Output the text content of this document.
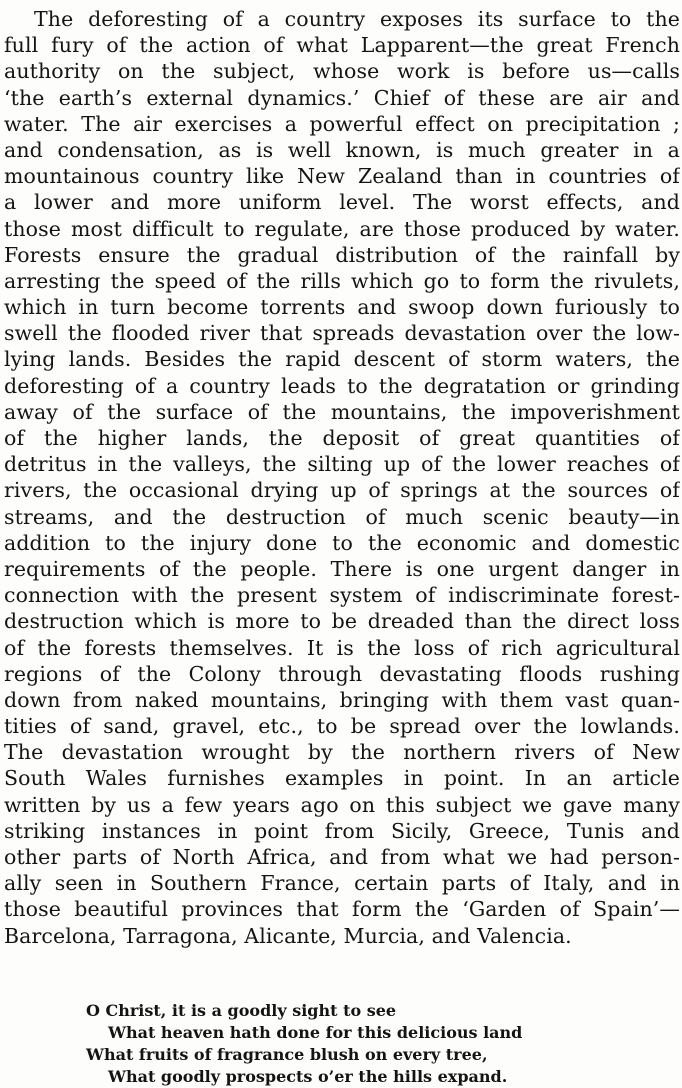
The deforesting of a country exposes its surface to the
full fury of the action of what Lapparent—the great French
authority on the subject, whose work is before us—calls
‘the earth’s external dynamics.’ Chief of these are air and
water. The air exercises a powerful effect on precipitation ;
and condensation, as is well known, is much greater in a
mountainous country like New Zealand than in countries of
a lower and more uniform level. The worst effects, and
those most difficult to regulate, are those produced by water.
Forests ensure the gradual distribution of the rainfall by
arresting the speed of the rills which go to form the rivulets,
which in turn become torrents and swoop down furiously to
swell the flooded river that spreads devastation over the low-
lying lands. Besides the rapid descent of storm waters, the
deforesting of a country leads to the degratation or grinding
away of the surface of the mountains, the impoverishment
of the higher lands, the deposit of great quantities of
detritus in the valleys, the silting up of the lower reaches of
rivers, the occasional drying up of springs at the sources of
streams, and the destruction of much scenic beauty—in
addition to the injury done to the economic and domestic
requirements of the people. There is one urgent danger in
connection with the present system of indiscriminate forest-
destruction which is more to be dreaded than the direct loss
of the forests themselves. It is the loss of rich agricultural
regions of the Colony through devastating floods rushing
down from naked mountains, bringing with them vast quan-
tities of sand, gravel, etc., to be spread over the lowlands.
The devastation wrought by the northern rivers of New
South Wales furnishes examples in point. In an article
written by us a few years ago on this subject we gave many
striking instances in point from Sicily, Greece, Tunis and
other parts of North Africa, and from what we had person-
ally seen in Southern France, certain parts of Italy, and in
those beautiful provinces that form the ‘Garden of Spain’—
Barcelona, Tarragona, Alicante, Murcia, and Valencia.
O Christ, it is a goodly sight to see
What heaven hath done for this delicious land
What fruits of fragrance blush on every tree,
What goodly prospects o’er the hills expand.
